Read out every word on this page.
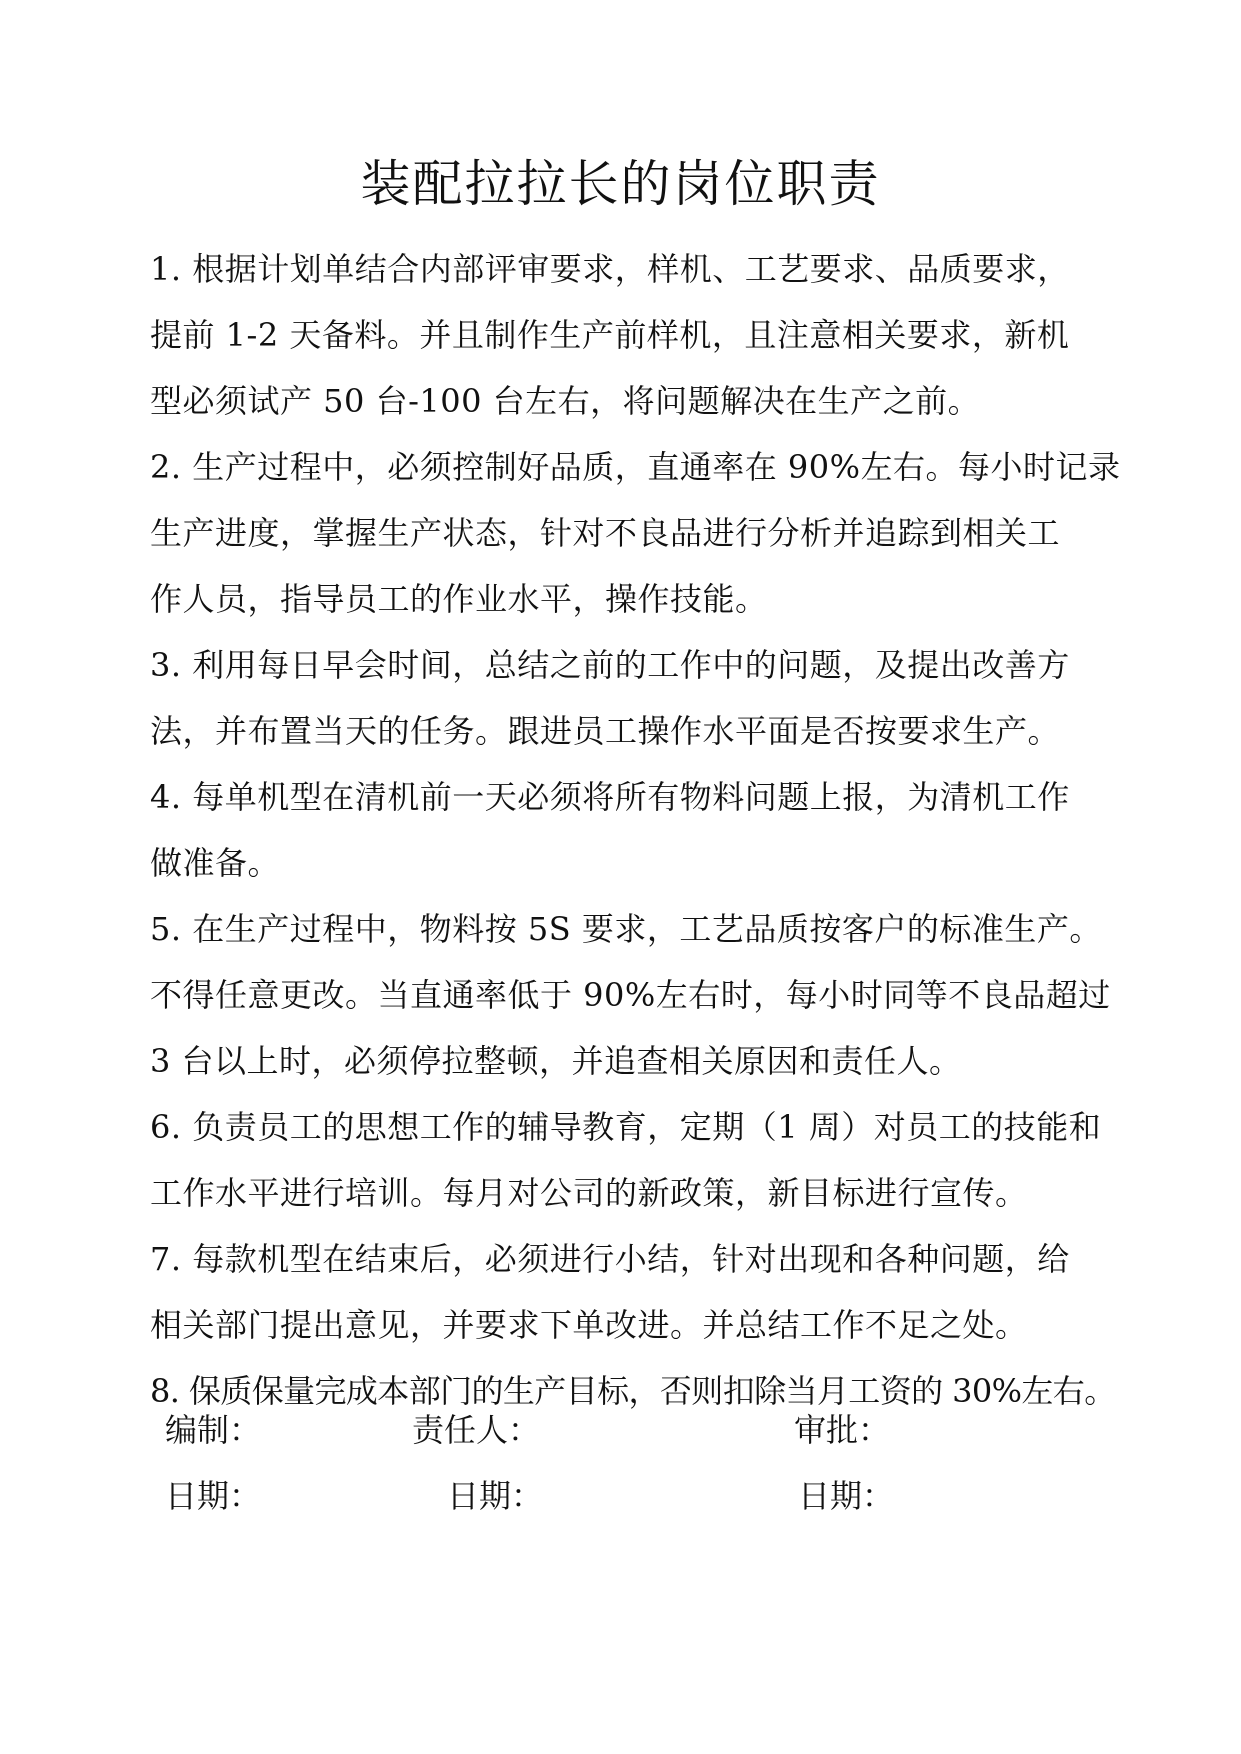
装配拉拉长的岗位职责
1. 根据计划单结合内部评审要求，样机、工艺要求、品质要求，
提前 1-2 天备料。并且制作生产前样机，且注意相关要求，新机
型必须试产 50 台-100 台左右，将问题解决在生产之前。
2. 生产过程中，必须控制好品质，直通率在 90%左右。每小时记录
生产进度，掌握生产状态，针对不良品进行分析并追踪到相关工
作人员，指导员工的作业水平，操作技能。
3. 利用每日早会时间，总结之前的工作中的问题，及提出改善方
法，并布置当天的任务。跟进员工操作水平面是否按要求生产。
4. 每单机型在清机前一天必须将所有物料问题上报，为清机工作
做准备。
5. 在生产过程中，物料按 5S 要求，工艺品质按客户的标准生产。
不得任意更改。当直通率低于 90%左右时，每小时同等不良品超过
3 台以上时，必须停拉整顿，并追查相关原因和责任人。
6. 负责员工的思想工作的辅导教育，定期（1 周）对员工的技能和
工作水平进行培训。每月对公司的新政策，新目标进行宣传。
7. 每款机型在结束后，必须进行小结，针对出现和各种问题，给
相关部门提出意见，并要求下单改进。并总结工作不足之处。
8. 保质保量完成本部门的生产目标，否则扣除当月工资的 30%左右。
编制：	责任人：	审批：
日期：	日期：	日期：
